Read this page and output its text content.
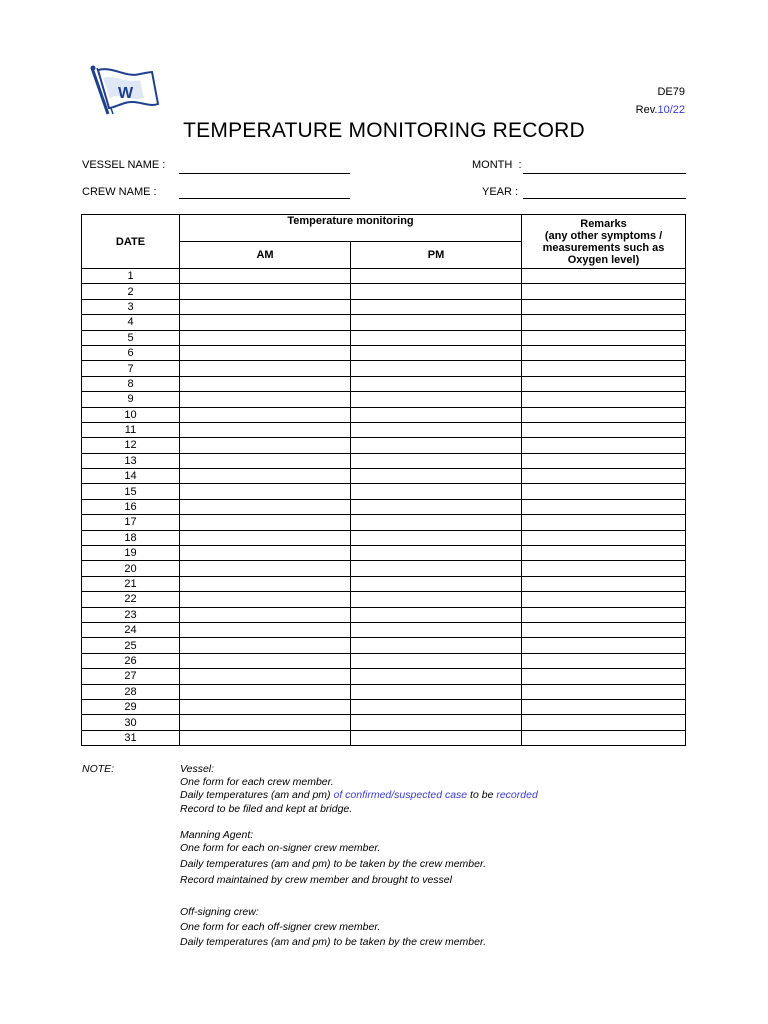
W	DE79
Rev.10/22
TEMPERATURE MONITORING RECORD
VESSEL NAME :
CREW NAME :
MONTH  :
YEAR :
DATE	Temperature monitoring		Remarks
(any other symptoms /
measurements such as
Oxygen level)

	AM	PM	
1			
2			
3			
4			
5			
6			
7			
8			
9			
10			
11			
12			
13			
14			
15			
16			
17			
18			
19			
20			
21			
22			
23			
24			
25			
26			
27			
28			
29			
30			
31			
NOTE:	Vessel:
One form for each crew member.
Daily temperatures (am and pm) of confirmed/suspected case to be recorded
Record to be filed and kept at bridge.
Manning Agent:
One form for each on-signer crew member.
Daily temperatures (am and pm) to be taken by the crew member.
Record maintained by crew member and brought to vessel
Off-signing crew:
One form for each off-signer crew member.
Daily temperatures (am and pm) to be taken by the crew member.
